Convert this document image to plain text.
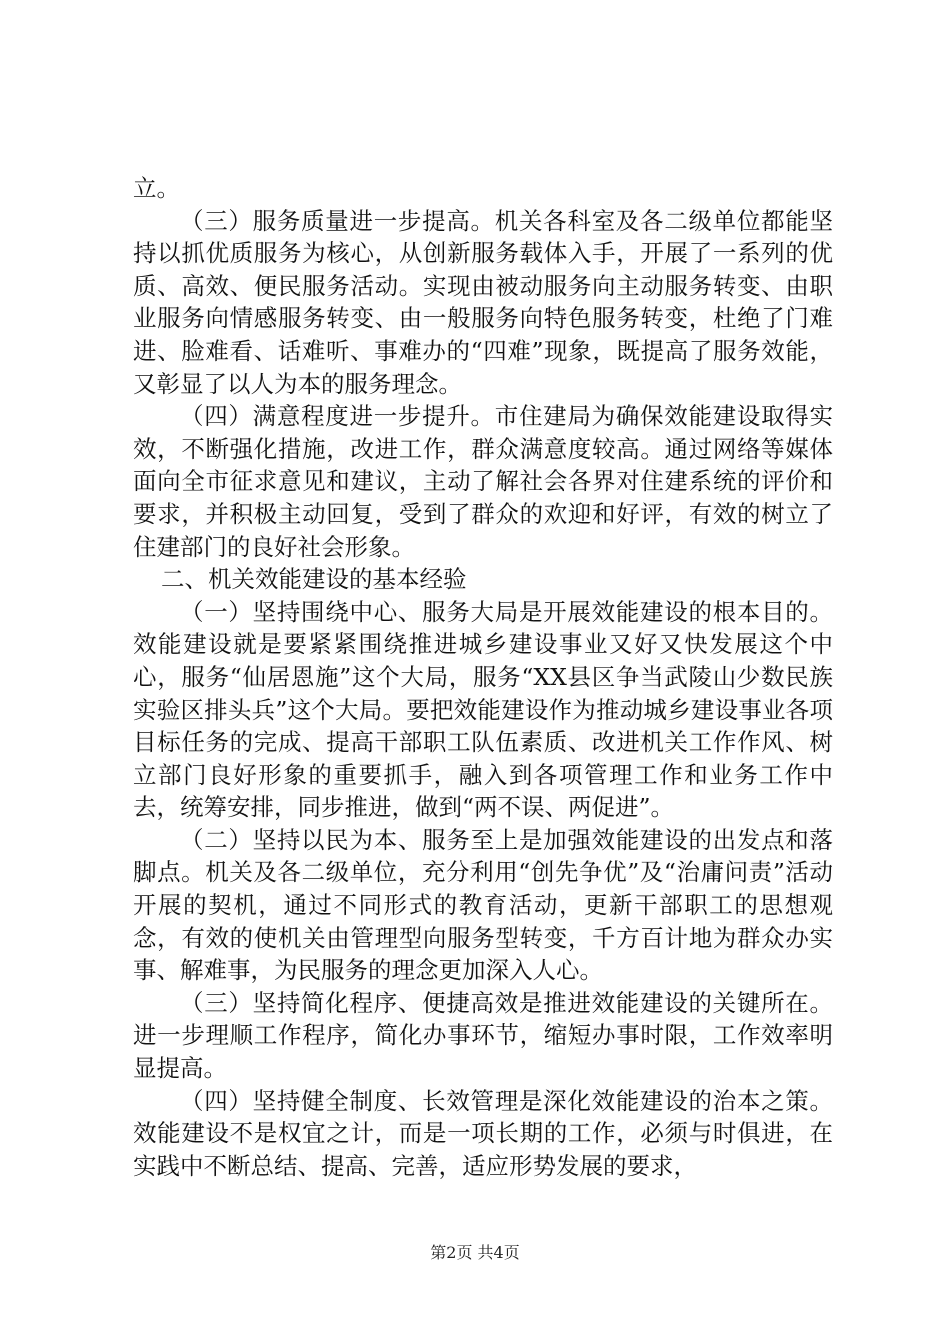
立。

（三）服务质量进一步提高。机关各科室及各二级单位都能坚持以抓优质服务为核心，从创新服务载体入手，开展了一系列的优质、高效、便民服务活动。实现由被动服务向主动服务转变、由职业服务向情感服务转变、由一般服务向特色服务转变，杜绝了门难进、脸难看、话难听、事难办的“四难”现象，既提高了服务效能，又彰显了以人为本的服务理念。

（四）满意程度进一步提升。市住建局为确保效能建设取得实效，不断强化措施，改进工作，群众满意度较高。通过网络等媒体面向全市征求意见和建议，主动了解社会各界对住建系统的评价和要求，并积极主动回复，受到了群众的欢迎和好评，有效的树立了住建部门的良好社会形象。

二、机关效能建设的基本经验

（一）坚持围绕中心、服务大局是开展效能建设的根本目的。效能建设就是要紧紧围绕推进城乡建设事业又好又快发展这个中心，服务“仙居恩施”这个大局，服务“XX县区争当武陵山少数民族实验区排头兵”这个大局。要把效能建设作为推动城乡建设事业各项目标任务的完成、提高干部职工队伍素质、改进机关工作作风、树立部门良好形象的重要抓手，融入到各项管理工作和业务工作中去，统筹安排，同步推进，做到“两不误、两促进”。

（二）坚持以民为本、服务至上是加强效能建设的出发点和落脚点。机关及各二级单位，充分利用“创先争优”及“治庸问责”活动开展的契机，通过不同形式的教育活动，更新干部职工的思想观念，有效的使机关由管理型向服务型转变，千方百计地为群众办实事、解难事，为民服务的理念更加深入人心。

（三）坚持简化程序、便捷高效是推进效能建设的关键所在。进一步理顺工作程序，简化办事环节，缩短办事时限，工作效率明显提高。

（四）坚持健全制度、长效管理是深化效能建设的治本之策。效能建设不是权宜之计，而是一项长期的工作，必须与时俱进，在实践中不断总结、提高、完善，适应形势发展的要求，

第2页 共4页
